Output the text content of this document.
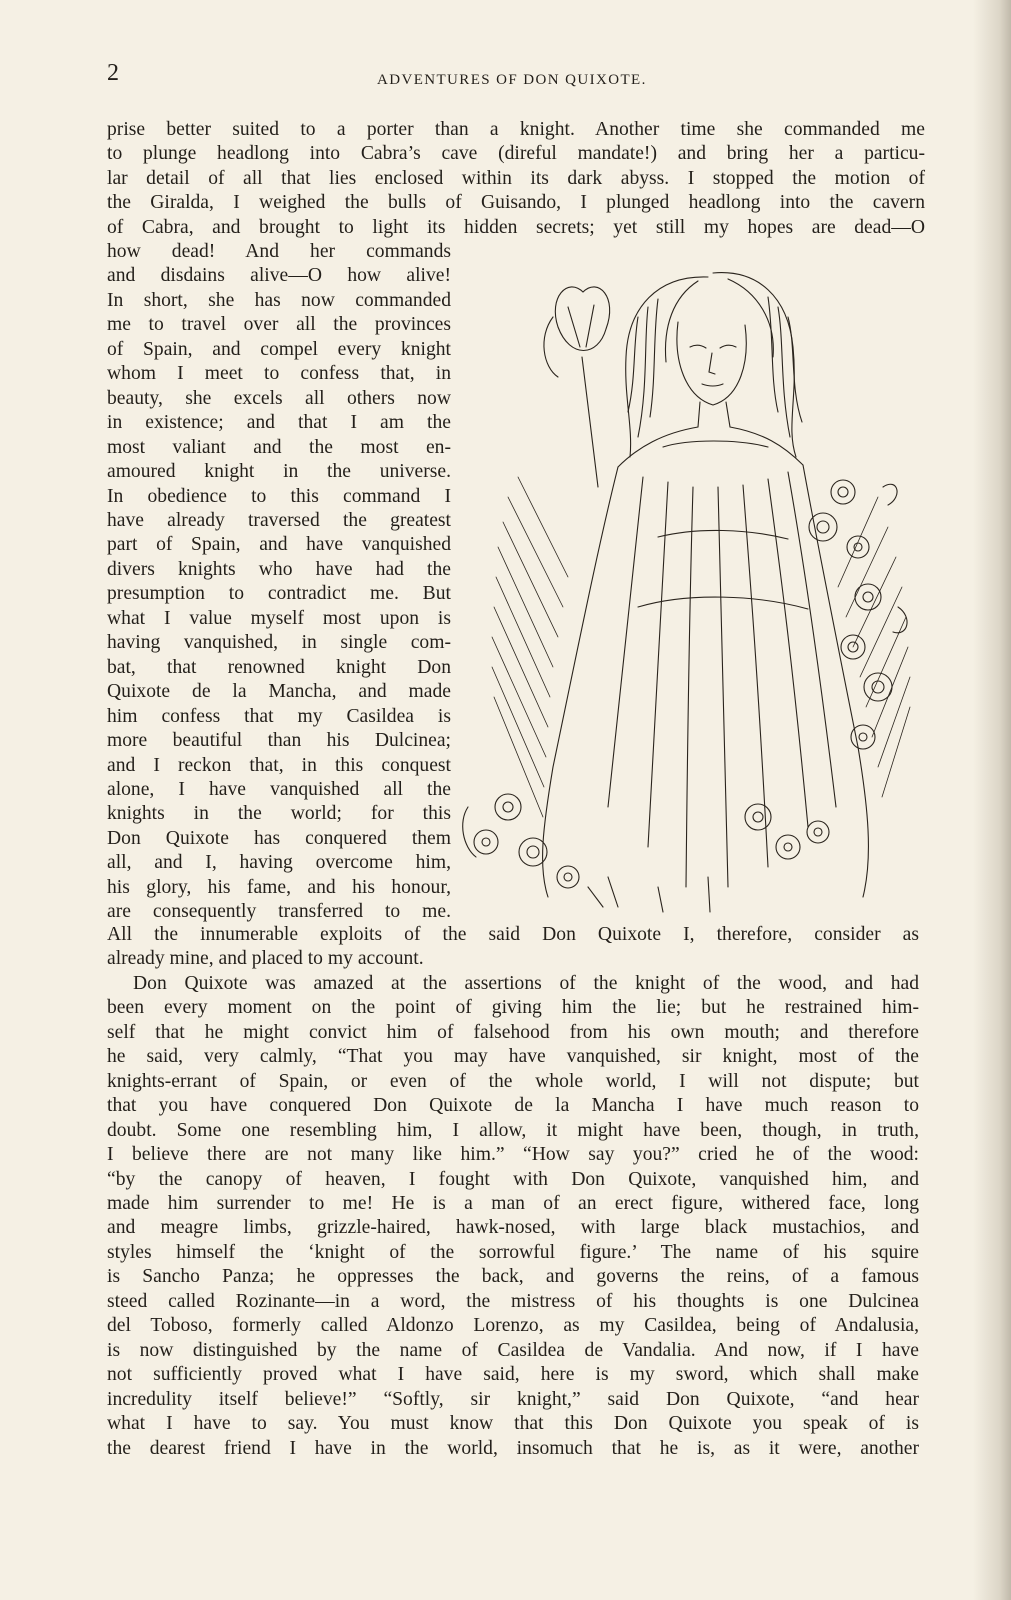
2	ADVENTURES OF DON QUIXOTE.

prise better suited to a porter than a knight. Another time she commanded me

to plunge headlong into Cabra’s cave (direful mandate!) and bring her a particu-

lar detail of all that lies enclosed within its dark abyss. I stopped the motion of

the Giralda, I weighed the bulls of Guisando, I plunged headlong into the cavern

of Cabra, and brought to light its hidden secrets; yet still my hopes are dead—O

how dead! And her commands

and disdains alive—O how alive!

In short, she has now commanded

me to travel over all the provinces

of Spain, and compel every knight

whom I meet to confess that, in

beauty, she excels all others now

in existence; and that I am the

most valiant and the most en-

amoured knight in the universe.

In obedience to this command I

have already traversed the greatest

part of Spain, and have vanquished

divers knights who have had the

presumption to contradict me. But

what I value myself most upon is

having vanquished, in single com-

bat, that renowned knight Don

Quixote de la Mancha, and made

him confess that my Casildea is

more beautiful than his Dulcinea;

and I reckon that, in this conquest

alone, I have vanquished all the

knights in the world; for this

Don Quixote has conquered them

all, and I, having overcome him,

his glory, his fame, and his honour,

are consequently transferred to me.

All the innumerable exploits of the said Don Quixote I, therefore, consider as

already mine, and placed to my account.

Don Quixote was amazed at the assertions of the knight of the wood, and had

been every moment on the point of giving him the lie; but he restrained him-

self that he might convict him of falsehood from his own mouth; and therefore

he said, very calmly, “That you may have vanquished, sir knight, most of the

knights-errant of Spain, or even of the whole world, I will not dispute; but

that you have conquered Don Quixote de la Mancha I have much reason to

doubt. Some one resembling him, I allow, it might have been, though, in truth,

I believe there are not many like him.” “How say you?” cried he of the wood:

“by the canopy of heaven, I fought with Don Quixote, vanquished him, and

made him surrender to me! He is a man of an erect figure, withered face, long

and meagre limbs, grizzle-haired, hawk-nosed, with large black mustachios, and

styles himself the ‘knight of the sorrowful figure.’ The name of his squire

is Sancho Panza; he oppresses the back, and governs the reins, of a famous

steed called Rozinante—in a word, the mistress of his thoughts is one Dulcinea

del Toboso, formerly called Aldonzo Lorenzo, as my Casildea, being of Andalusia,

is now distinguished by the name of Casildea de Vandalia. And now, if I have

not sufficiently proved what I have said, here is my sword, which shall make

incredulity itself believe!” “Softly, sir knight,” said Don Quixote, “and hear

what I have to say. You must know that this Don Quixote you speak of is

the dearest friend I have in the world, insomuch that he is, as it were, another
